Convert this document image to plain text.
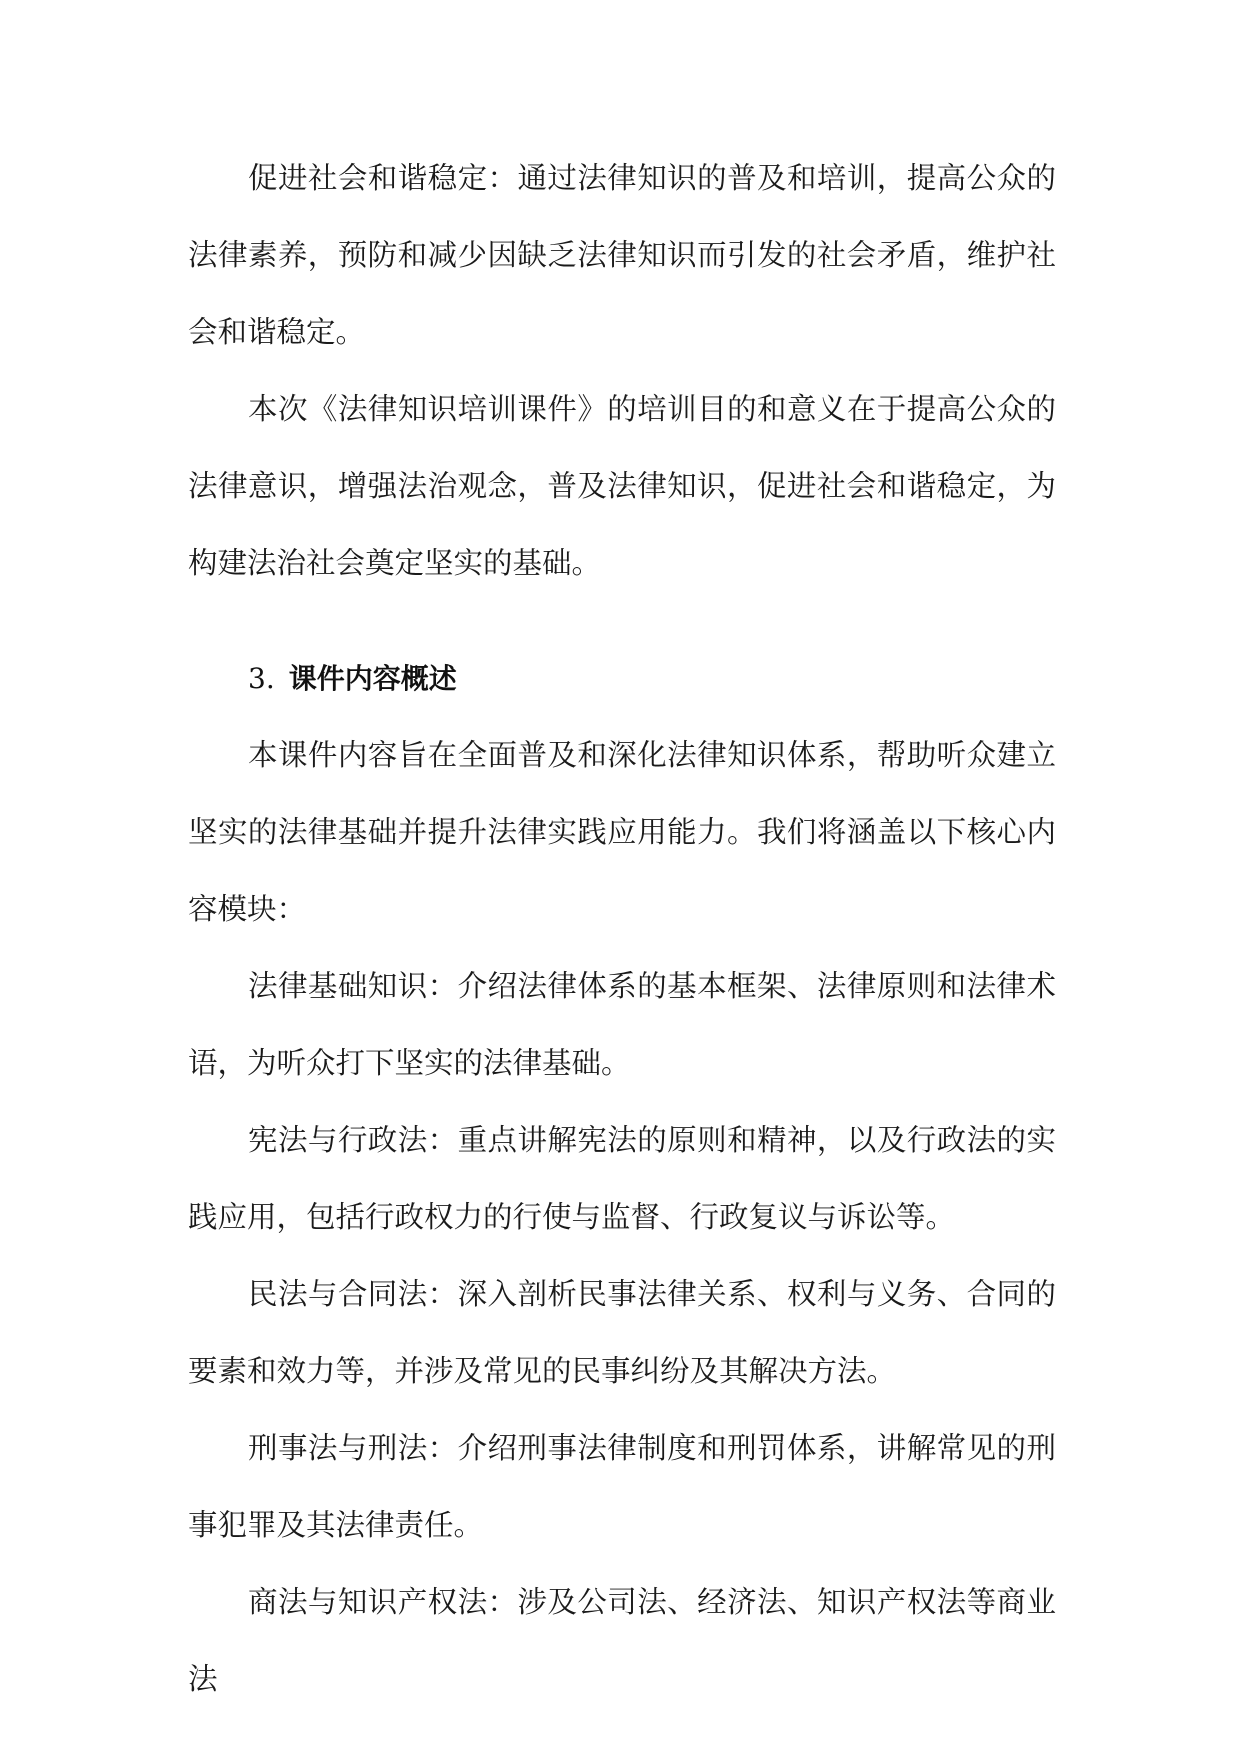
促进社会和谐稳定：通过法律知识的普及和培训，提高公众的法律素养，预防和减少因缺乏法律知识而引发的社会矛盾，维护社会和谐稳定。

本次《法律知识培训课件》的培训目的和意义在于提高公众的法律意识，增强法治观念，普及法律知识，促进社会和谐稳定，为构建法治社会奠定坚实的基础。

3. 课件内容概述

本课件内容旨在全面普及和深化法律知识体系，帮助听众建立坚实的法律基础并提升法律实践应用能力。我们将涵盖以下核心内容模块：

法律基础知识：介绍法律体系的基本框架、法律原则和法律术语，为听众打下坚实的法律基础。

宪法与行政法：重点讲解宪法的原则和精神，以及行政法的实践应用，包括行政权力的行使与监督、行政复议与诉讼等。

民法与合同法：深入剖析民事法律关系、权利与义务、合同的要素和效力等，并涉及常见的民事纠纷及其解决方法。

刑事法与刑法：介绍刑事法律制度和刑罚体系，讲解常见的刑事犯罪及其法律责任。

商法与知识产权法：涉及公司法、经济法、知识产权法等商业法
